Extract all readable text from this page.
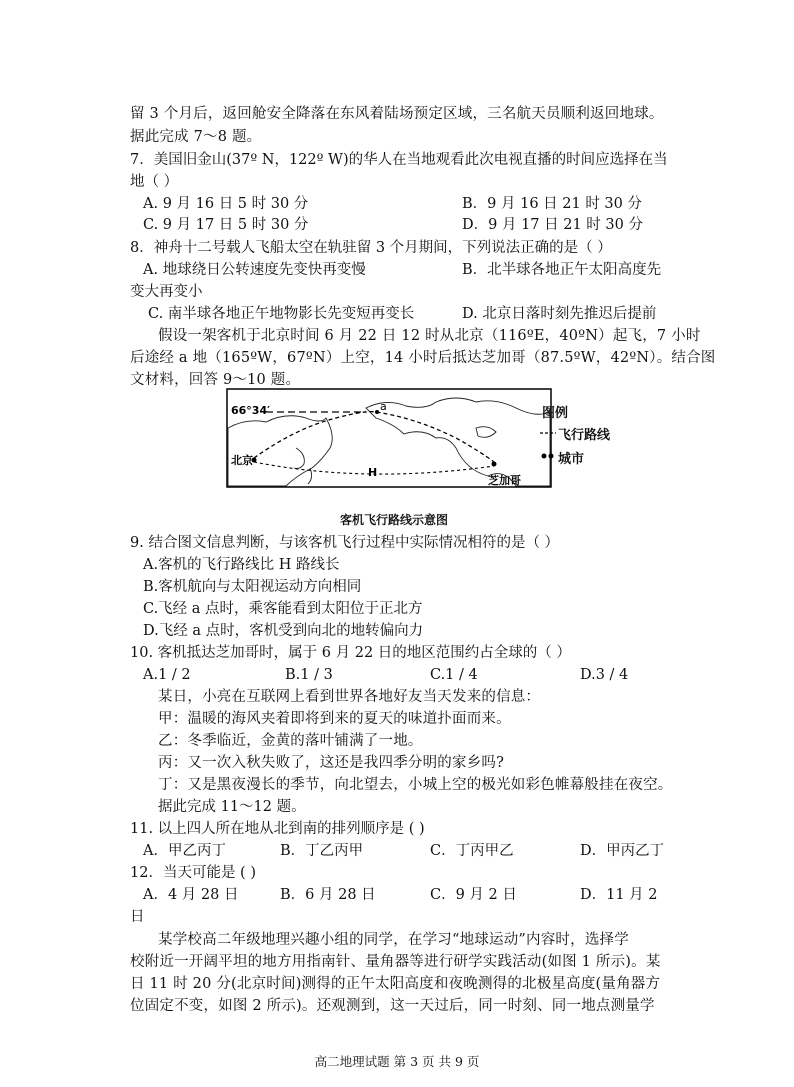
留 3 个月后，返回舱安全降落在东风着陆场预定区域，三名航天员顺利返回地球。
据此完成 7～8 题。
7．美国旧金山(37º N，122º W)的华人在当地观看此次电视直播的时间应选择在当
地（ ）
A. 9 月 16 日 5 时 30 分	B．9 月 16 日 21 时 30 分
C. 9 月 17 日 5 时 30 分	D．9 月 17 日 21 时 30 分
8．神舟十二号载人飞船太空在轨驻留 3 个月期间，下列说法正确的是（ ）
A. 地球绕日公转速度先变快再变慢	B．北半球各地正午太阳高度先
变大再变小
C. 南半球各地正午地物影长先变短再变长	D. 北京日落时刻先推迟后提前
假设一架客机于北京时间 6 月 22 日 12 时从北京（116ºE，40ºN）起飞，7 小时
后途经 a 地（165ºW，67ºN）上空，14 小时后抵达芝加哥（87.5ºW，42ºN）。结合图
文材料，回答 9～10 题。
66°34′
北京
芝加哥
a
H
图例
飞行路线
城市
客机飞行路线示意图
9. 结合图文信息判断，与该客机飞行过程中实际情况相符的是（ ）
A.客机的飞行路线比 H 路线长
B.客机航向与太阳视运动方向相同
C.飞经 a 点时，乘客能看到太阳位于正北方
D.飞经 a 点时，客机受到向北的地转偏向力
10. 客机抵达芝加哥时，属于 6 月 22 日的地区范围约占全球的（ ）
A.1 / 2	B.1 / 3	C.1 / 4	D.3 / 4
某日，小亮在互联网上看到世界各地好友当天发来的信息：
甲：温暖的海风夹着即将到来的夏天的味道扑面而来。
乙：冬季临近，金黄的落叶铺满了一地。
丙：又一次入秋失败了，这还是我四季分明的家乡吗?
丁：又是黑夜漫长的季节，向北望去，小城上空的极光如彩色帷幕般挂在夜空。
据此完成 11～12 题。
11. 以上四人所在地从北到南的排列顺序是 ( )
A．甲乙丙丁	B．丁乙丙甲	C．丁丙甲乙	D．甲丙乙丁
12．当天可能是 ( )
A．4 月 28 日	B．6 月 28 日	C．9 月 2 日	D．11 月 2
日
某学校高二年级地理兴趣小组的同学，在学习“地球运动”内容时，选择学
校附近一开阔平坦的地方用指南针、量角器等进行研学实践活动(如图 1 所示)。某
日 11 时 20 分(北京时间)测得的正午太阳高度和夜晚测得的北极星高度(量角器方
位固定不变，如图 2 所示)。还观测到，这一天过后，同一时刻、同一地点测量学
高二地理试题 第 3 页 共 9 页
